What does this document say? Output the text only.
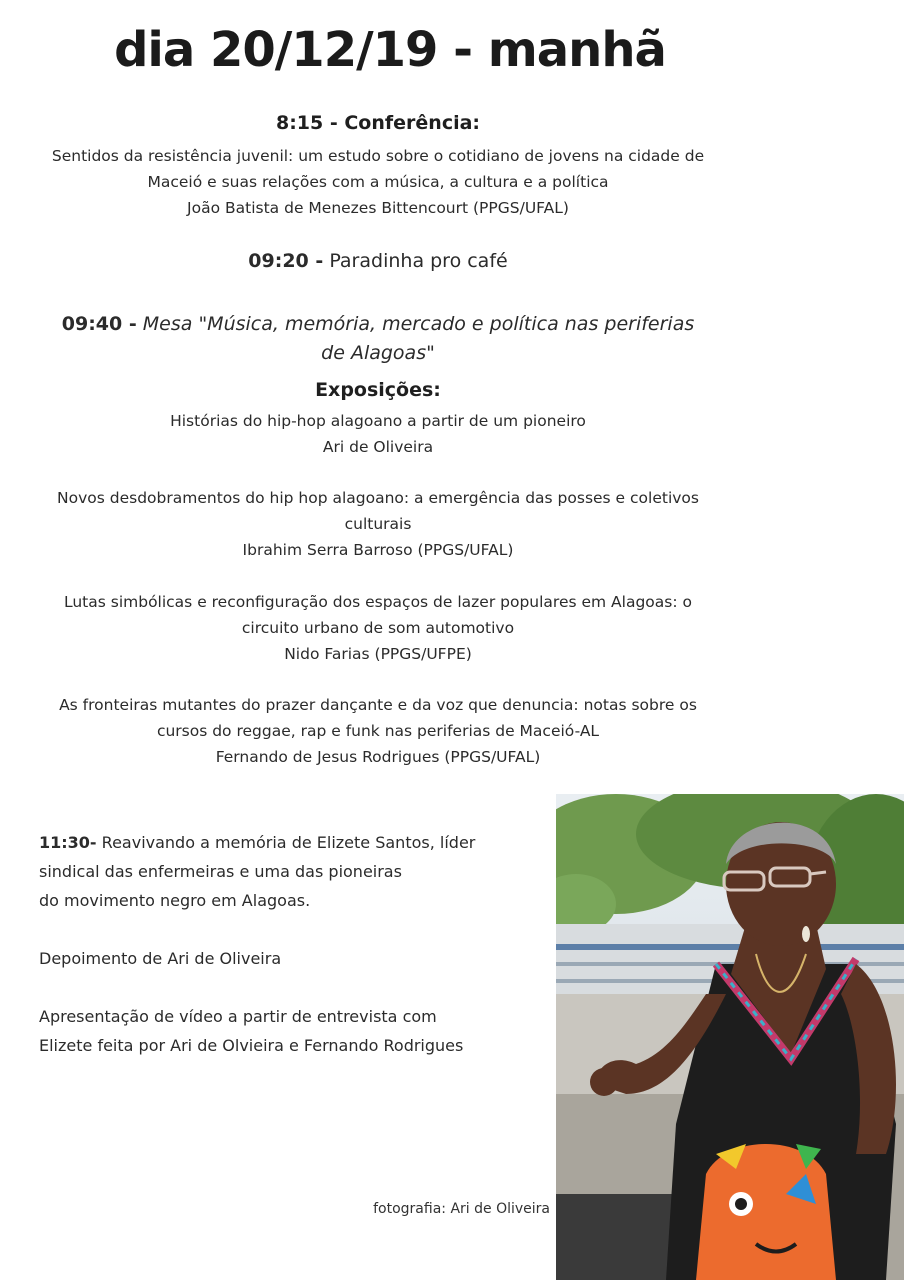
dia 20/12/19 - manhã
8:15 - Conferência:
Sentidos da resistência juvenil: um estudo sobre o cotidiano de jovens na cidade de
Maceió e suas relações com a música, a cultura e a política
João Batista de Menezes Bittencourt (PPGS/UFAL)
09:20 - Paradinha pro café
09:40 - Mesa "Música, memória, mercado e política nas periferias
de Alagoas"
Exposições:
Histórias do hip-hop alagoano a partir de um pioneiro
Ari de Oliveira
Novos desdobramentos do hip hop alagoano: a emergência das posses e coletivos
culturais
Ibrahim Serra Barroso (PPGS/UFAL)
Lutas simbólicas e reconfiguração dos espaços de lazer populares em Alagoas: o
circuito urbano de som automotivo
Nido Farias (PPGS/UFPE)
As fronteiras mutantes do prazer dançante e da voz que denuncia: notas sobre os
cursos do reggae, rap e funk nas periferias de Maceió-AL
Fernando de Jesus Rodrigues (PPGS/UFAL)
11:30- Reavivando a memória de Elizete Santos, líder
sindical das enfermeiras e uma das pioneiras
do movimento negro em Alagoas.
Depoimento de Ari de Oliveira
Apresentação de vídeo a partir de entrevista com
Elizete feita por Ari de Olvieira e Fernando Rodrigues
fotografia: Ari de Oliveira
